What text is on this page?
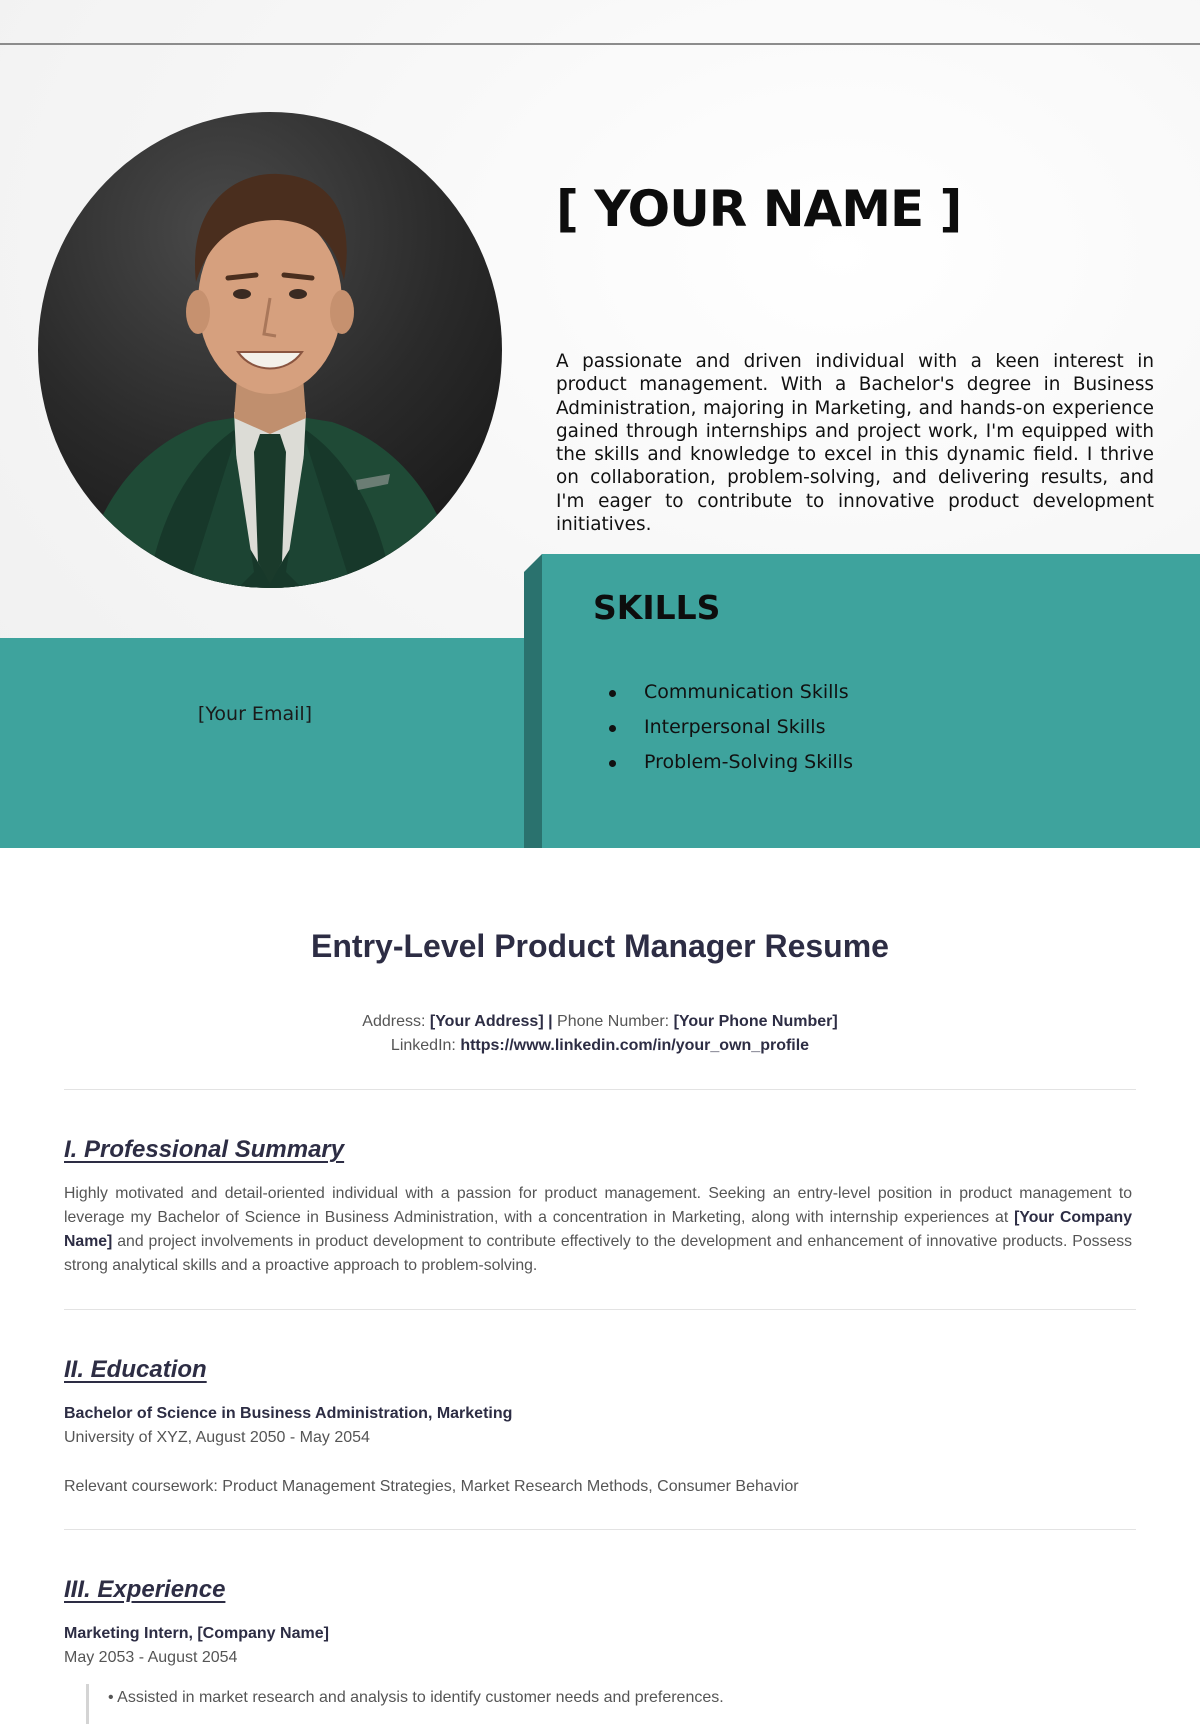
[ YOUR NAME ]

A passionate and driven individual with a keen interest in product management. With a Bachelor's degree in Business Administration, majoring in Marketing, and hands-on experience gained through internships and project work, I'm equipped with the skills and knowledge to excel in this dynamic field. I thrive on collaboration, problem-solving, and delivering results, and I'm eager to contribute to innovative product development initiatives.

[Your Email]
SKILLS
Communication Skills
Interpersonal Skills
Problem-Solving Skills
Entry-Level Product Manager Resume
Address: [Your Address] | Phone Number: [Your Phone Number]
LinkedIn: https://www.linkedin.com/in/your_own_profile
I. Professional Summary

Highly motivated and detail-oriented individual with a passion for product management. Seeking an entry-level position in product management to leverage my Bachelor of Science in Business Administration, with a concentration in Marketing, along with internship experiences at [Your Company Name] and project involvements in product development to contribute effectively to the development and enhancement of innovative products. Possess strong analytical skills and a proactive approach to problem-solving.

II. Education

Bachelor of Science in Business Administration, Marketing

University of XYZ, August 2050 - May 2054

Relevant coursework: Product Management Strategies, Market Research Methods, Consumer Behavior

III. Experience

Marketing Intern, [Company Name]

May 2053 - August 2054

• Assisted in market research and analysis to identify customer needs and preferences.
